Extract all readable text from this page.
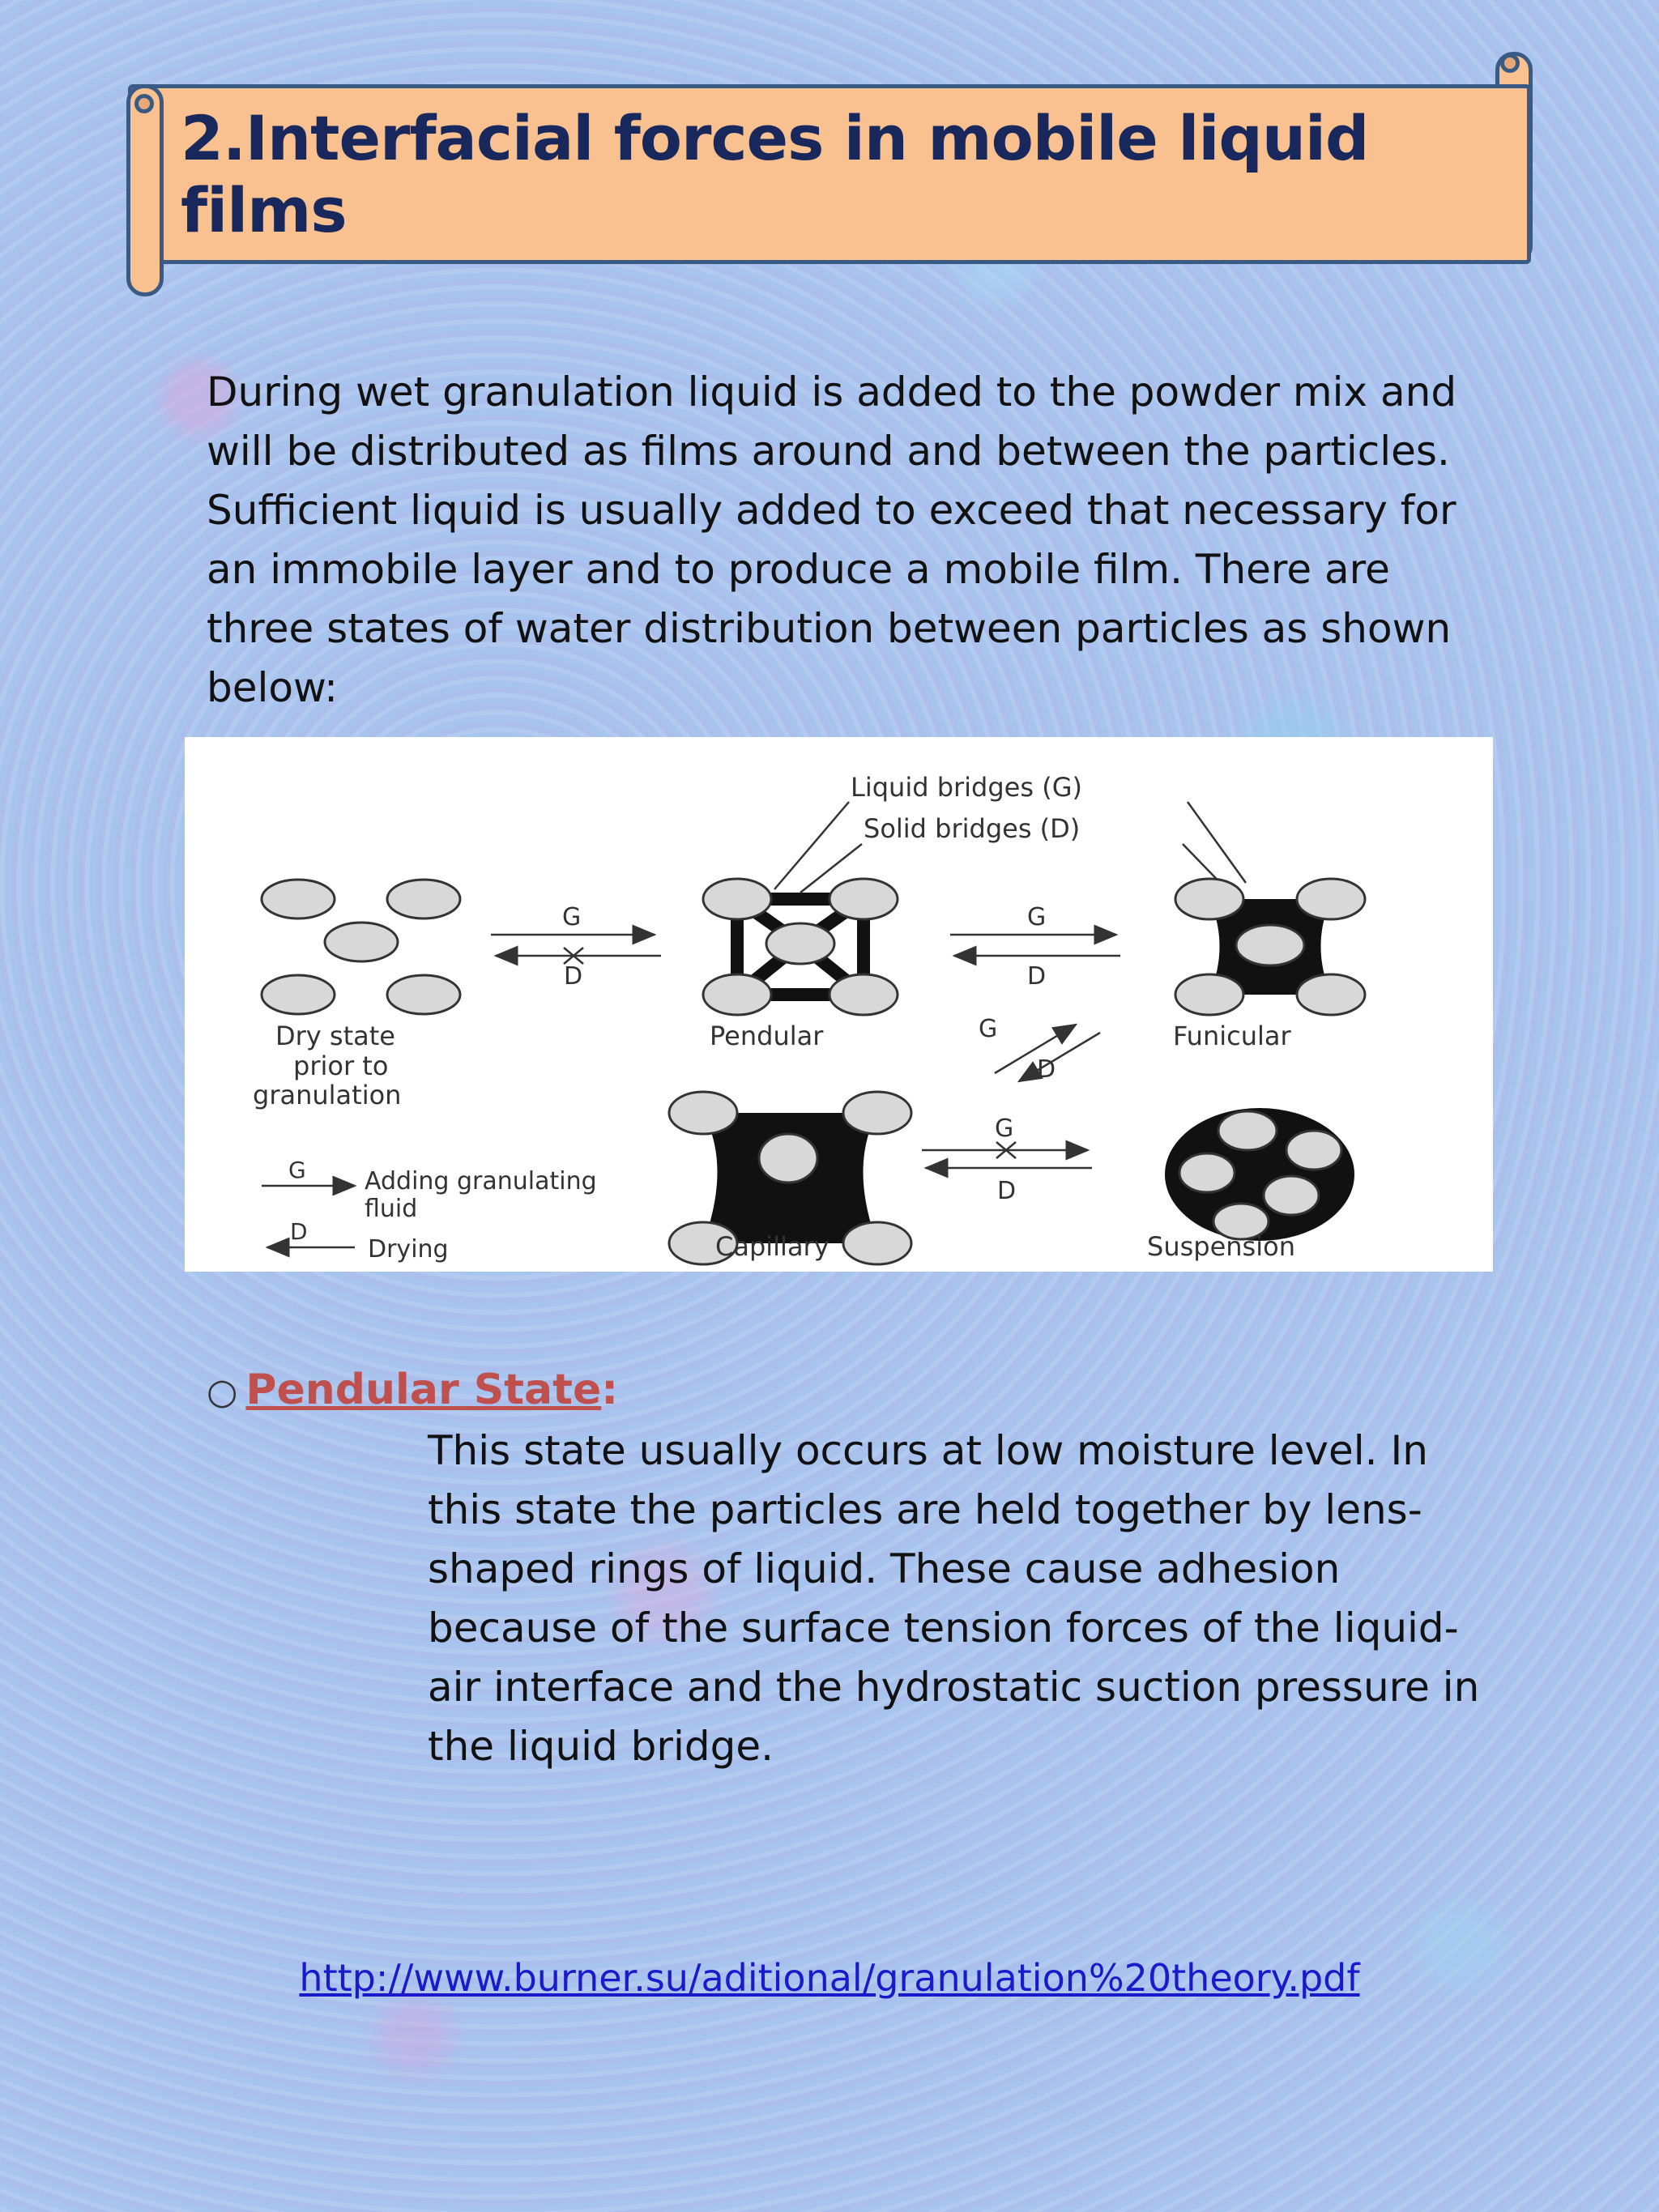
2.Interfacial forces in mobile liquid films

During wet granulation liquid is added to the powder mix and will be distributed as films around and between the particles. Sufficient liquid is usually added to exceed that necessary for an immobile layer and to produce a mobile film. There are three states of water distribution between particles as shown below:

Liquid bridges (G)
Solid bridges (D)
Dry state
prior to
granulation
G
D
Pendular
G
D
Funicular
G
D
Capillary
G
D
Suspension
G
D
Adding granulating
fluid
Drying

○ Pendular State:

This state usually occurs at low moisture level. In this state the particles are held together by lens-shaped rings of liquid. These cause adhesion because of the surface tension forces of the liquid-air interface and the hydrostatic suction pressure in the liquid bridge.

http://www.burner.su/aditional/granulation%20theory.pdf
